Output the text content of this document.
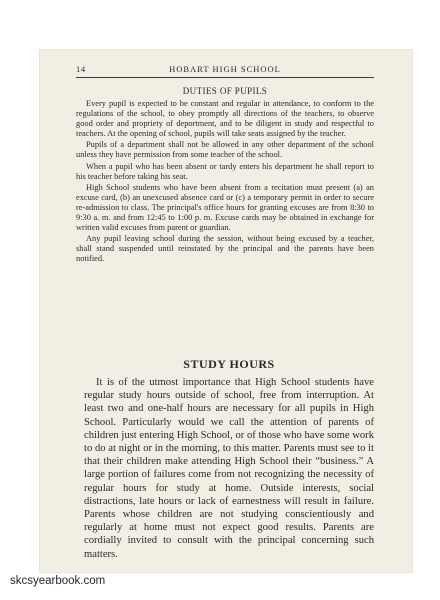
14	HOBART HIGH SCHOOL
DUTIES OF PUPILS

Every pupil is expected to be constant and regular in attendance, to conform to the regulations of the school, to obey promptly all directions of the teachers, to observe good order and propriety of deportment, and to be diligent in study and respectful to teachers. At the opening of school, pupils will take seats assigned by the teacher.

Pupils of a department shall not be allowed in any other department of the school unless they have permission from some teacher of the school.

When a pupil who has been absent or tardy enters his department he shall report to his teacher before taking his seat.

High School students who have been absent from a recitation must present (a) an excuse card, (b) an unexcused absence card or (c) a temporary permit in order to secure re-admission to class. The principal's office hours for granting excuses are from 8:30 to 9:30 a. m. and from 12:45 to 1:00 p. m. Excuse cards may be obtained in exchange for written valid excuses from parent or guardian.

Any pupil leaving school during the session, without being excused by a teacher, shall stand suspended until reinstated by the principal and the parents have been notified.

STUDY HOURS

It is of the utmost importance that High School students have regular study hours outside of school, free from interruption. At least two and one-half hours are necessary for all pupils in High School. Particularly would we call the attention of parents of children just entering High School, or of those who have some work to do at night or in the morning, to this matter. Parents must see to it that their children make attending High School their “business.” A large portion of failures come from not recognizing the necessity of regular hours for study at home. Outside interests, social distractions, late hours or lack of earnestness will result in failure. Parents whose children are not studying conscientiously and regularly at home must not expect good results. Parents are cordially invited to consult with the principal concerning such matters.

skcsyearbook.com
